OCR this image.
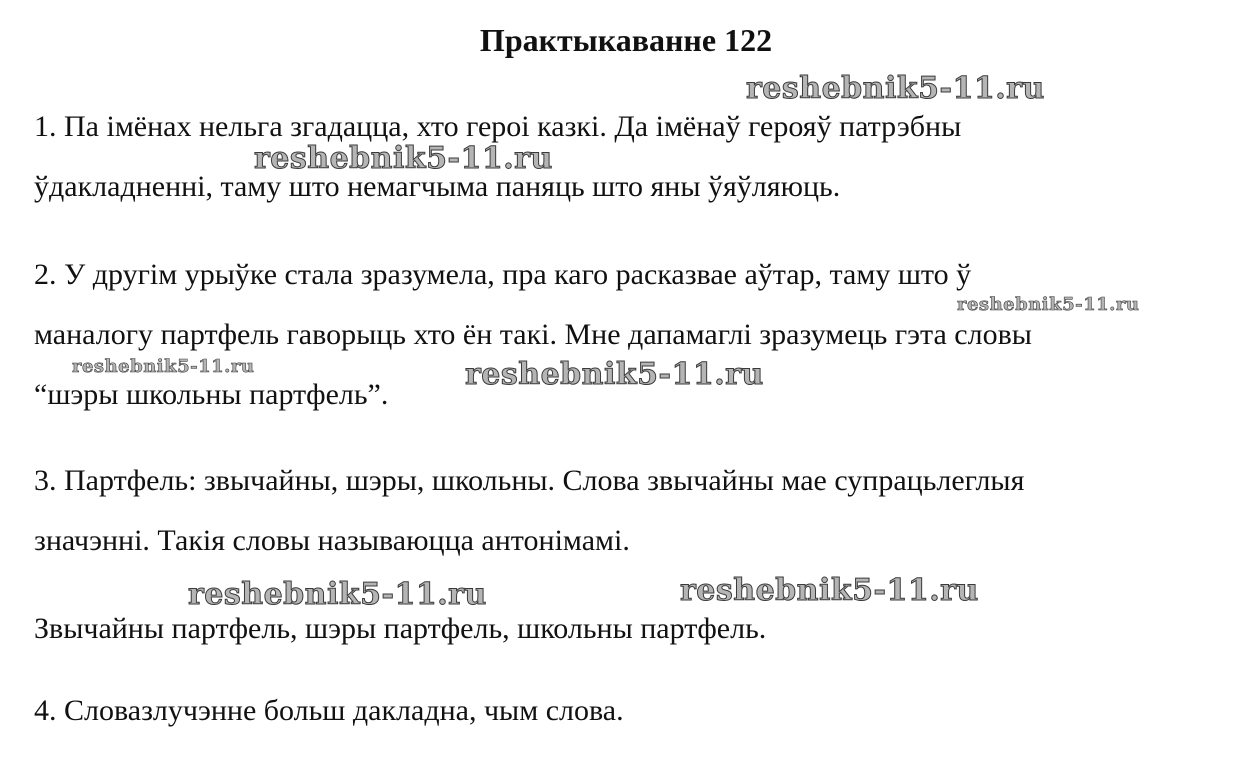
Практыкаванне 122
1. Па імёнах нельга згадацца, хто героі казкі. Да імёнаў герояў патрэбны
ўдакладненні, таму што немагчыма паняць што яны ўяўляюць.
2. У другім урыўке стала зразумела, пра каго расказвае аўтар, таму што ў
маналогу партфель гаворыць хто ён такі. Мне дапамаглі зразумець гэта словы
“шэры школьны партфель”.
3. Партфель: звычайны, шэры, школьны. Слова звычайны мае супрацьлеглыя
значэнні. Такія словы называюцца антонімамі.
Звычайны партфель, шэры партфель, школьны партфель.
4. Словазлучэнне больш дакладна, чым слова.
reshebnik5-11.ru
reshebnik5-11.ru
reshebnik5-11.ru
reshebnik5-11.ru	reshebnik5-11.ru
reshebnik5-11.ru	reshebnik5-11.ru
